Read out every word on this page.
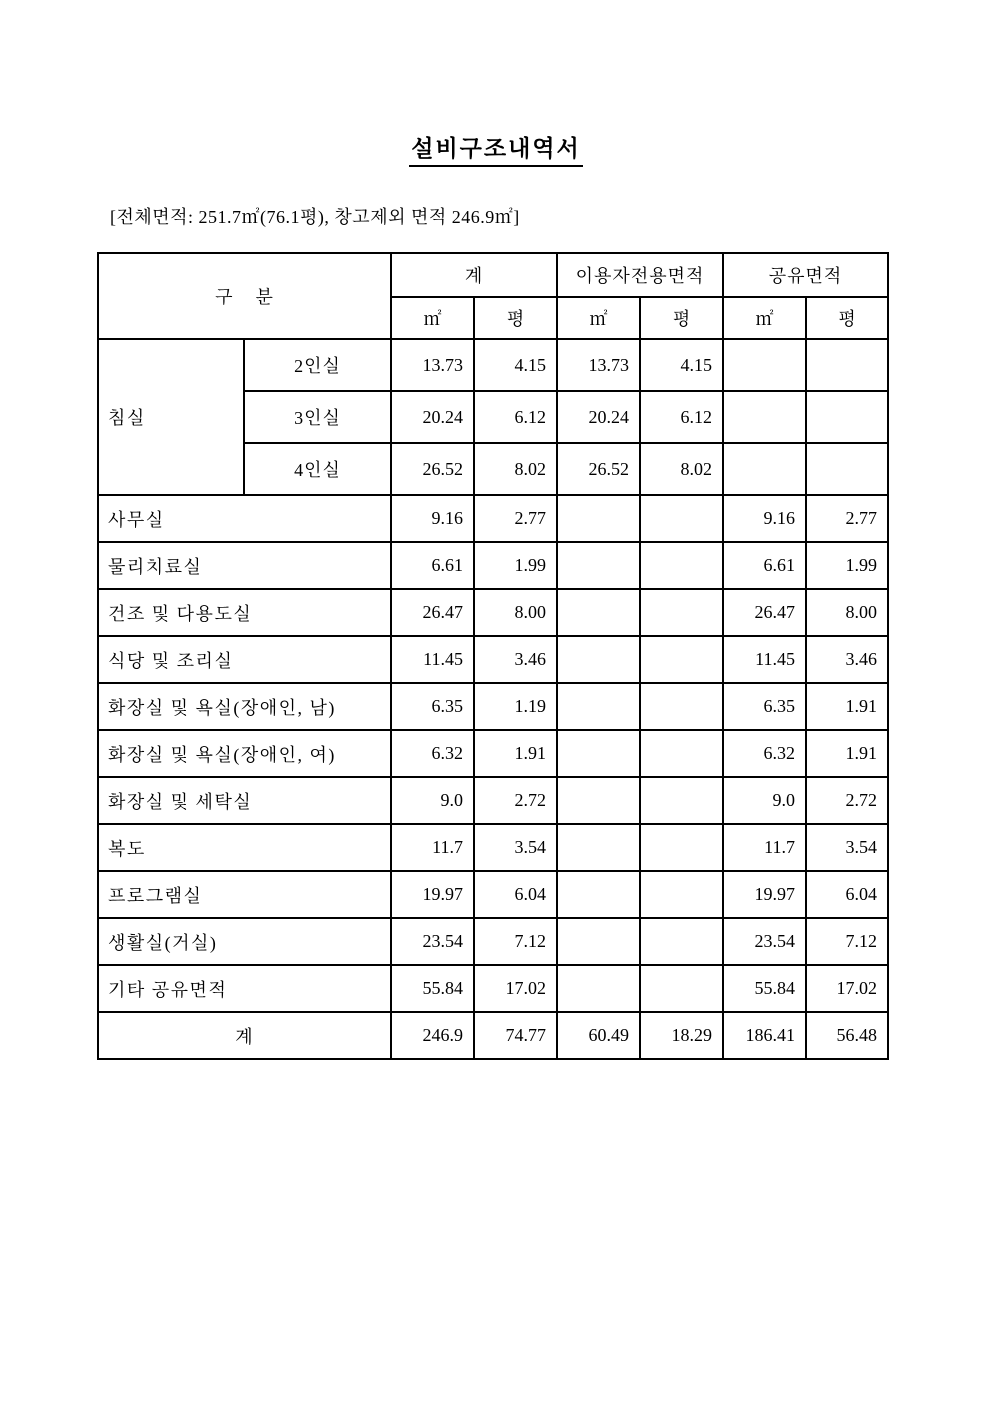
설비구조내역서
[전체면적: 251.7㎡(76.1평), 창고제외 면적 246.9㎡]
구    분		계		이용자전용면적		공유면적	
		㎡	평	㎡	평	㎡	평
침실	2인실	13.73	4.15	13.73	4.15		
	3인실	20.24	6.12	20.24	6.12		
	4인실	26.52	8.02	26.52	8.02		
사무실		9.16	2.77			9.16	2.77
물리치료실		6.61	1.99			6.61	1.99
건조 및 다용도실		26.47	8.00			26.47	8.00
식당 및 조리실		11.45	3.46			11.45	3.46
화장실 및 욕실(장애인, 남)		6.35	1.19			6.35	1.91
화장실 및 욕실(장애인, 여)		6.32	1.91			6.32	1.91
화장실 및 세탁실		9.0	2.72			9.0	2.72
복도		11.7	3.54			11.7	3.54
프로그램실		19.97	6.04			19.97	6.04
생활실(거실)		23.54	7.12			23.54	7.12
기타 공유면적		55.84	17.02			55.84	17.02
계		246.9	74.77	60.49	18.29	186.41	56.48
